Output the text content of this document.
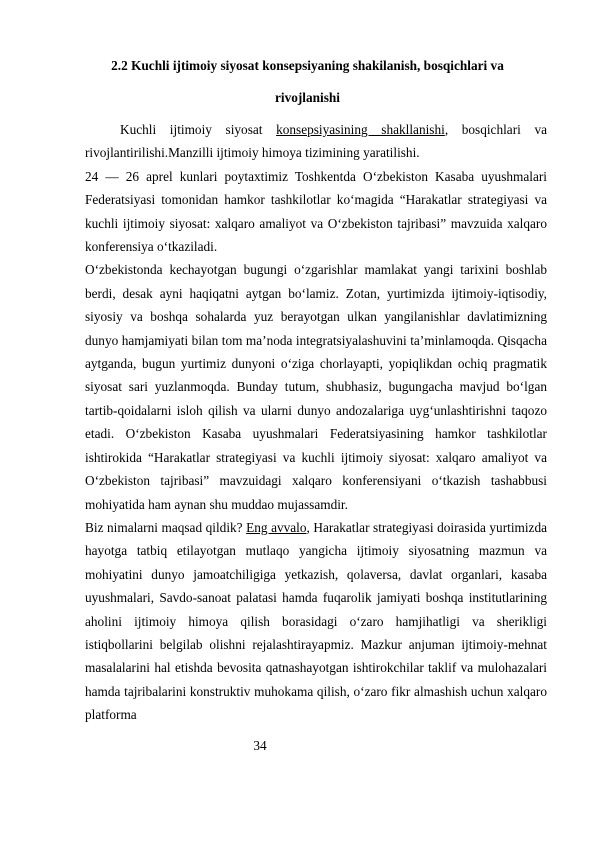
2.2 Kuchli ijtimoiy siyosat konsepsiyaning shakilanish, bosqichlari va
rivojlanishi

Kuchli ijtimoiy siyosat konsepsiyasining shakllanishi, bosqichlari va rivojlantirilishi.Manzilli ijtimoiy himoya tizimining yaratilishi.

24 — 26 aprel kunlari poytaxtimiz Toshkentda O‘zbekiston Kasaba uyushmalari Federatsiyasi tomonidan hamkor tashkilotlar ko‘magida “Harakatlar strategiyasi va kuchli ijtimoiy siyosat: xalqaro amaliyot va O‘zbekiston tajribasi” mavzuida xalqaro konferensiya o‘tkaziladi.

O‘zbekistonda kechayotgan bugungi o‘zgarishlar mamlakat yangi tarixini boshlab berdi, desak ayni haqiqatni aytgan bo‘lamiz. Zotan, yurtimizda ijtimoiy-iqtisodiy, siyosiy va boshqa sohalarda yuz berayotgan ulkan yangilanishlar davlatimizning dunyo hamjamiyati bilan tom ma’noda integratsiyalashuvini ta’minlamoqda. Qisqacha aytganda, bugun yurtimiz dunyoni o‘ziga chorlayapti, yopiqlikdan ochiq pragmatik siyosat sari yuzlanmoqda. Bunday tutum, shubhasiz, bugungacha mavjud bo‘lgan tartib-qoidalarni isloh qilish va ularni dunyo andozalariga uyg‘unlashtirishni taqozo etadi. O‘zbekiston Kasaba uyushmalari Federatsiyasining hamkor tashkilotlar ishtirokida “Harakatlar strategiyasi va kuchli ijtimoiy siyosat: xalqaro amaliyot va O‘zbekiston tajribasi” mavzuidagi xalqaro konferensiyani o‘tkazish tashabbusi mohiyatida ham aynan shu muddao mujassamdir.

Biz nimalarni maqsad qildik? Eng avvalo, Harakatlar strategiyasi doirasida yurtimizda hayotga tatbiq etilayotgan mutlaqo yangicha ijtimoiy siyosatning mazmun va mohiyatini dunyo jamoatchiligiga yetkazish, qolaversa, davlat organlari, kasaba uyushmalari, Savdo-sanoat palatasi hamda fuqarolik jamiyati boshqa institutlarining aholini ijtimoiy himoya qilish borasidagi o‘zaro hamjihatligi va sherikligi istiqbollarini belgilab olishni rejalashtirayapmiz. Mazkur anjuman ijtimoiy-mehnat masalalarini hal etishda bevosita qatnashayotgan ishtirokchilar taklif va mulohazalari hamda tajribalarini konstruktiv muhokama qilish, o‘zaro fikr almashish uchun xalqaro platforma

34
